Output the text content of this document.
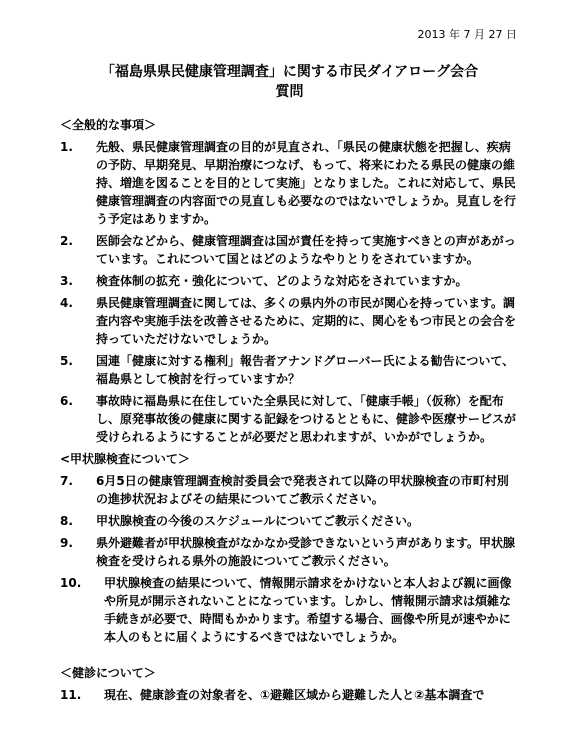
2013 年 7 月 27 日
「福島県県民健康管理調査」に関する市民ダイアローグ会合
質問
＜全般的な事項＞
1.	先般、県民健康管理調査の目的が見直され、「県民の健康状態を把握し、疾病の予防、早期発見、早期治療につなげ、もって、将来にわたる県民の健康の維持、増進を図ることを目的として実施」となりました。これに対応して、県民健康管理調査の内容面での見直しも必要なのではないでしょうか。見直しを行う予定はありますか。
2.	医師会などから、健康管理調査は国が責任を持って実施すべきとの声があがっています。これについて国とはどのようなやりとりをされていますか。
3.	検査体制の拡充・強化について、どのような対応をされていますか。
4.	県民健康管理調査に関しては、多くの県内外の市民が関心を持っています。調査内容や実施手法を改善させるために、定期的に、関心をもつ市民との会合を持っていただけないでしょうか。
5.	国連「健康に対する権利」報告者アナンドグローバー氏による勧告について、福島県として検討を行っていますか？
6.	事故時に福島県に在住していた全県民に対して、「健康手帳」（仮称）を配布し、原発事故後の健康に関する記録をつけるとともに、健診や医療サービスが受けられるようにすることが必要だと思われますが、いかがでしょうか。
<甲状腺検査について＞
7.	6月5日の健康管理調査検討委員会で発表されて以降の甲状腺検査の市町村別の進捗状況およびその結果についてご教示ください。
8.	甲状腺検査の今後のスケジュールについてご教示ください。
9.	県外避難者が甲状腺検査がなかなか受診できないという声があります。甲状腺検査を受けられる県外の施設についてご教示ください。
10.	甲状腺検査の結果について、情報開示請求をかけないと本人および親に画像や所見が開示されないことになっています。しかし、情報開示請求は煩雑な手続きが必要で、時間もかかります。希望する場合、画像や所見が速やかに本人のもとに届くようにするべきではないでしょうか。
＜健診について＞
11.	現在、健康診査の対象者を、①避難区域から避難した人と②基本調査で
